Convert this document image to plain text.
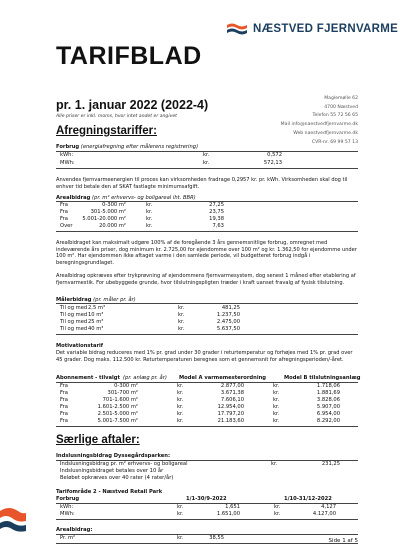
NÆSTVED FJERNVARME
TARIFBLAD
pr. 1. januar 2022 (2022-4)
Alle priser er inkl. moms, hvor intet andet er angivet
Maglemølle 62
4700 Næstved
Telefon 55 72 56 65
Mail info@naestvedfjernvarme.dk
Web naestvedfjernvarme.dk
CVR-nr. 69 99 57 13
Afregningstariffer:
Forbrug (energiafregning efter målerens registrering)
kWh:	kr.	0,572
MWh:	kr.	572,13
Anvendes fjernvarmeenergien til proces kan virksomheden fradrage 0,2957 kr. pr. kWh. Virksomheden skal dog til enhver tid betale den af SKAT fastlagte minimumsafgift.
Arealbidrag (pr. m² erhvervs- og boligareal iht. BBR)
Fra	0-300 m²	kr.	27,25
Fra	301-5.000 m²	kr.	23,75
Fra	5.001-20.000 m²	kr.	19,38
Over	20.000 m²	kr.	7,63
Arealbidraget kan maksimalt udgøre 100% af de foregående 3 års gennemsnitlige forbrug, omregnet med indeværende års priser, dog minimum kr. 2.725,00 for ejendomme over 100 m² og kr. 1.362,50 for ejendomme under 100 m². Har ejendommen ikke aftaget varme i den samlede periode, vil budgetteret forbrug indgå i beregningsgrundlaget.
Arealbidrag opkræves efter trykprøvning af ejendommens fjernvarmesystem, dog senest 1 måned efter etablering af fjernvarmestik. For ubebyggede grunde, hvor tilslutningspligten træder i kraft uanset fravalg af fysisk tilslutning.
Målerbidrag (pr. måler pr. år)
Til og med 2,5 m³	kr.	481,25
Til og med 10 m³	kr.	1.237,50
Til og med 25 m³	kr.	2.475,00
Til og med 40 m³	kr.	5.637,50
Motivationstarif
Det variable bidrag reduceres med 1% pr. grad under 30 grader i returtemperatur og forhøjes med 1% pr. grad over 45 grader. Dog maks. 112.500 kr. Returtemperaturen beregnes som et gennemsnit for afregningsperioden/-året.
Abonnement - tilvalgt (pr. anlæg pr. år) Model A varmemesterordning	Model B tilslutningsanlæg
Fra	0-300 m²	kr.	2.877,00	kr.	1.718,06
Fra	301-700 m²	kr.	3.671,38	kr.	1.881,69
Fra	701-1.600 m²	kr.	7.606,10	kr.	3.828,06
Fra	1.601-2.500 m²	kr.	12.954,00	kr.	5.907,00
Fra	2.501-5.000 m²	kr.	17.797,20	kr.	6.954,00
Fra	5.001-7.500 m²	kr.	21.183,60	kr.	8.292,00
Særlige aftaler:
Indslusningsbidrag Dyssegårdsparken:
Indslusningsbidrag pr. m² erhvervs- og boligareal	kr.	231,25
Indslusningsbidraget betales over 10 år
Beløbet opkræves over 40 rater (4 rater/år)
Tarifområde 2 - Næstved Retail Park
Forbrug	1/1-30/9-2022	1/10-31/12-2022
kWh:	kr.	1,651	kr.	4,127
MWh:	kr.	1.651,00	kr.	4.127,00
Arealbidrag:
Pr. m²	kr.	38,55	Side 1 af 5
